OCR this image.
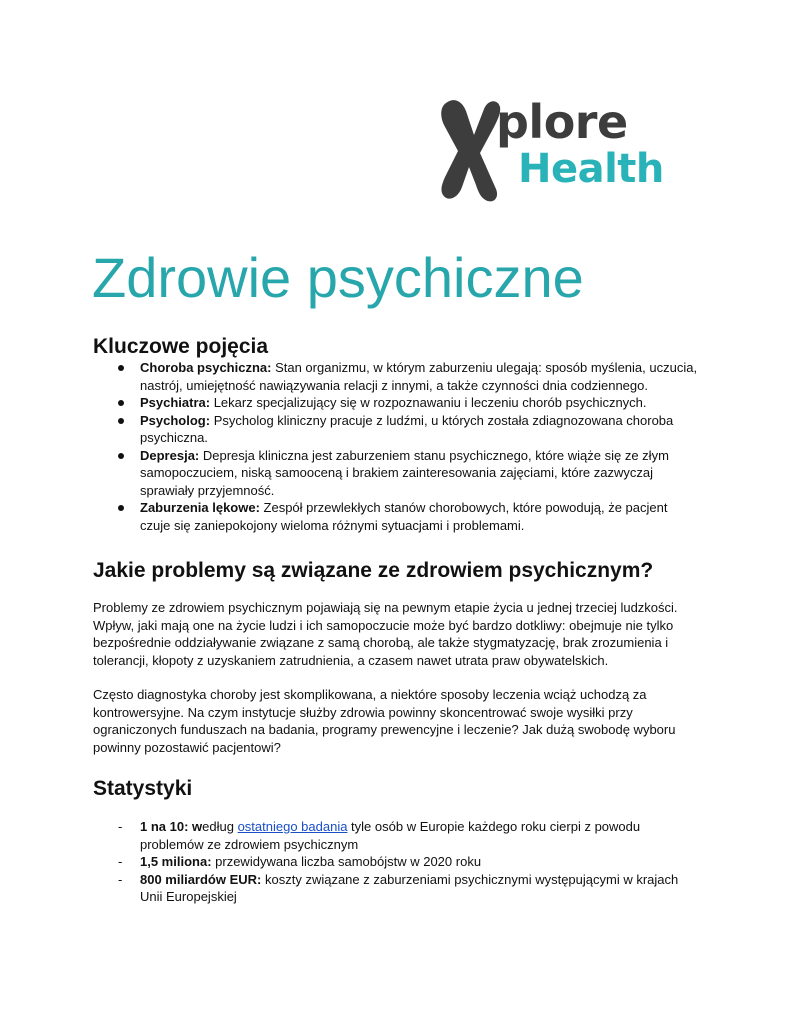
plore
Health
Zdrowie psychiczne
Kluczowe pojęcia
Choroba psychiczna: Stan organizmu, w którym zaburzeniu ulegają: sposób myślenia, uczucia, nastrój, umiejętność nawiązywania relacji z innymi, a także czynności dnia codziennego.
Psychiatra: Lekarz specjalizujący się w rozpoznawaniu i leczeniu chorób psychicznych.
Psycholog: Psycholog kliniczny pracuje z ludźmi, u których została zdiagnozowana choroba psychiczna.
Depresja: Depresja kliniczna jest zaburzeniem stanu psychicznego, które wiąże się ze złym samopoczuciem, niską samooceną i brakiem zainteresowania zajęciami, które zazwyczaj sprawiały przyjemność.
Zaburzenia lękowe: Zespół przewlekłych stanów chorobowych, które powodują, że pacjent czuje się zaniepokojony wieloma różnymi sytuacjami i problemami.
Jakie problemy są związane ze zdrowiem psychicznym?

Problemy ze zdrowiem psychicznym pojawiają się na pewnym etapie życia u jednej trzeciej ludzkości. Wpływ, jaki mają one na życie ludzi i ich samopoczucie może być bardzo dotkliwy: obejmuje nie tylko bezpośrednie oddziaływanie związane z samą chorobą, ale także stygmatyzację, brak zrozumienia i tolerancji, kłopoty z uzyskaniem zatrudnienia, a czasem nawet utrata praw obywatelskich.

Często diagnostyka choroby jest skomplikowana, a niektóre sposoby leczenia wciąż uchodzą za kontrowersyjne. Na czym instytucje służby zdrowia powinny skoncentrować swoje wysiłki przy ograniczonych funduszach na badania, programy prewencyjne i leczenie? Jak dużą swobodę wyboru powinny pozostawić pacjentowi?

Statystyki
- 1 na 10: według ostatniego badania tyle osób w Europie każdego roku cierpi z powodu problemów ze zdrowiem psychicznym
- 1,5 miliona: przewidywana liczba samobójstw w 2020 roku
- 800 miliardów EUR: koszty związane z zaburzeniami psychicznymi występującymi w krajach Unii Europejskiej
